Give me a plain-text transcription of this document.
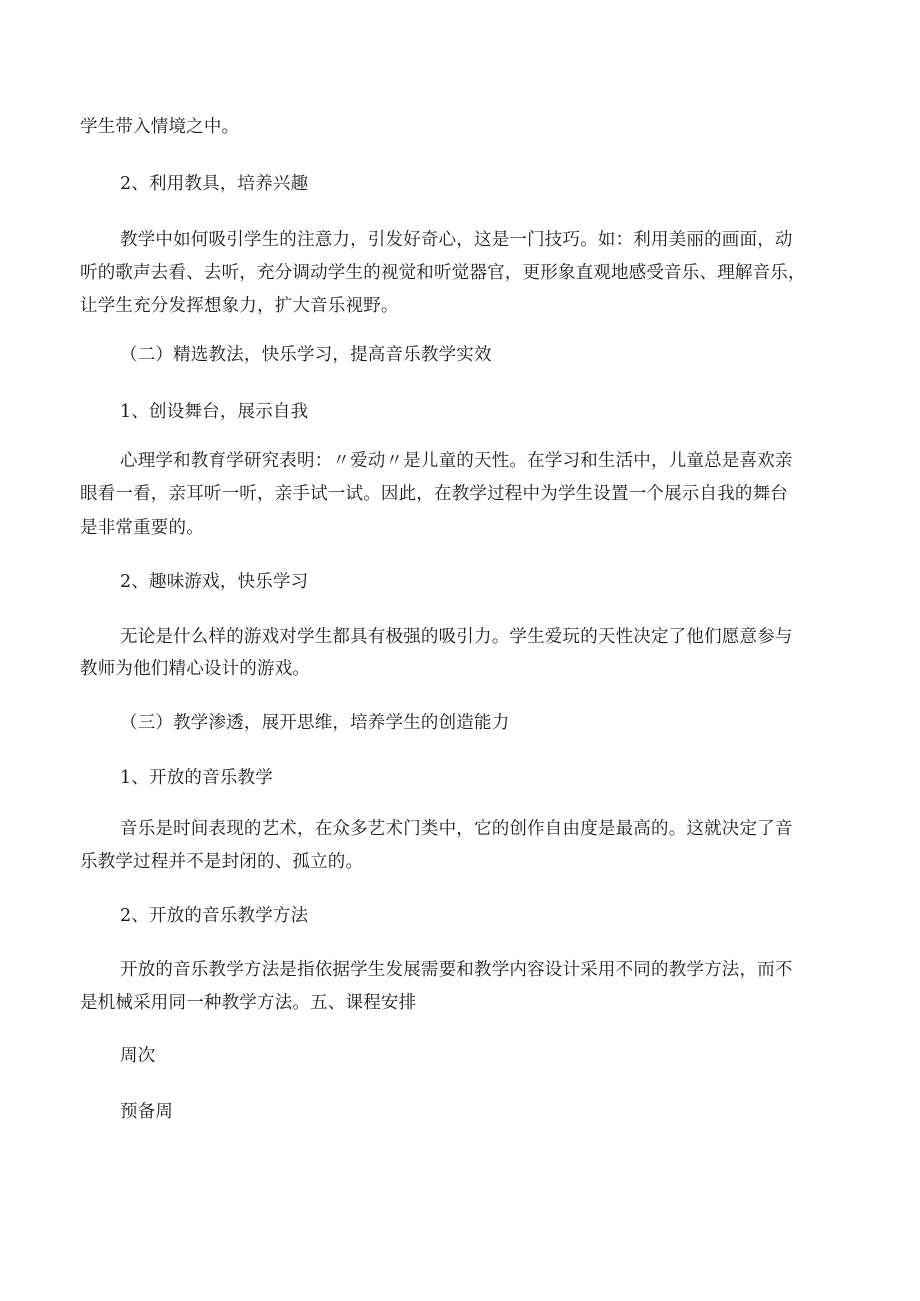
学生带入情境之中。

2、利用教具，培养兴趣

教学中如何吸引学生的注意力，引发好奇心，这是一门技巧。如：利用美丽的画面，动

听的歌声去看、去听，充分调动学生的视觉和听觉器官，更形象直观地感受音乐、理解音乐，

让学生充分发挥想象力，扩大音乐视野。

（二）精选教法，快乐学习，提高音乐教学实效

1、创设舞台，展示自我

心理学和教育学研究表明：〃爱动〃是儿童的天性。在学习和生活中，儿童总是喜欢亲

眼看一看，亲耳听一听，亲手试一试。因此，在教学过程中为学生设置一个展示自我的舞台

是非常重要的。

2、趣味游戏，快乐学习

无论是什么样的游戏对学生都具有极强的吸引力。学生爱玩的天性决定了他们愿意参与

教师为他们精心设计的游戏。

（三）教学渗透，展开思维，培养学生的创造能力

1、开放的音乐教学

音乐是时间表现的艺术，在众多艺术门类中，它的创作自由度是最高的。这就决定了音

乐教学过程并不是封闭的、孤立的。

2、开放的音乐教学方法

开放的音乐教学方法是指依据学生发展需要和教学内容设计采用不同的教学方法，而不

是机械采用同一种教学方法。五、课程安排

周次

预备周
